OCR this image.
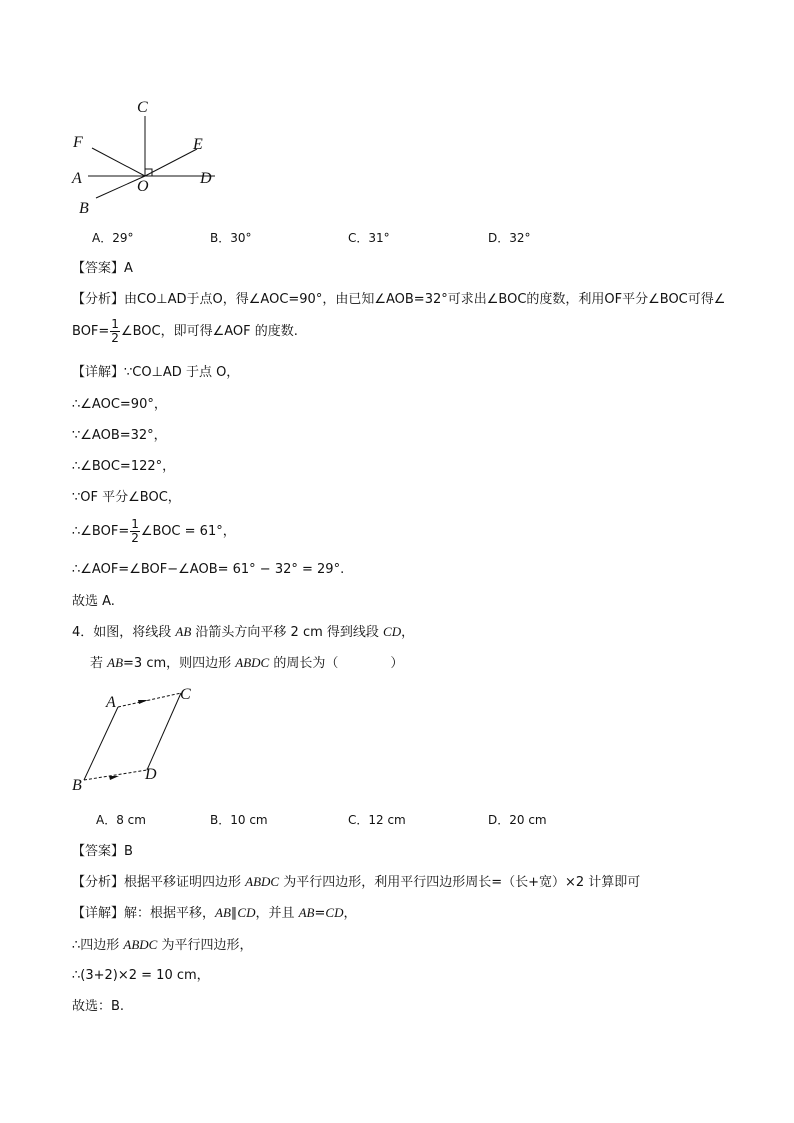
C
F	E
A	O	D
B
A．29°	B．30°	C．31°	D．32°
【答案】A
【分析】由CO⊥AD于点O，得∠AOC=90°，由已知∠AOB=32°可求出∠BOC的度数，利用OF平分∠BOC可得∠
$BOF= \frac{1}{2}$ ∠BOC，即可得∠AOF 的度数.
【详解】∵CO⊥AD 于点 O，
∴∠AOC=90°，
∵∠AOB=32°，
∴∠BOC=122°，
∵OF 平分∠BOC，
∴∠BOF= $\frac{1}{2}$ ∠BOC = 61°，
∴∠AOF=∠BOF−∠AOB= 61° − 32° = 29°.
故选 A.
4．如图，将线段 AB 沿箭头方向平移 2 cm 得到线段 CD，
若 AB=3 cm，则四边形 ABDC 的周长为（　　　　）
A	C
B
D
A．8 cm	B．10 cm	C．12 cm	D．20 cm
【答案】B
【分析】根据平移证明四边形 ABDC 为平行四边形，利用平行四边形周长=（长+宽）×2 计算即可
【详解】解：根据平移，AB∥CD，并且 AB=CD，
∴四边形 ABDC 为平行四边形，
∴(3+2)×2 = 10 cm，
故选：B.
